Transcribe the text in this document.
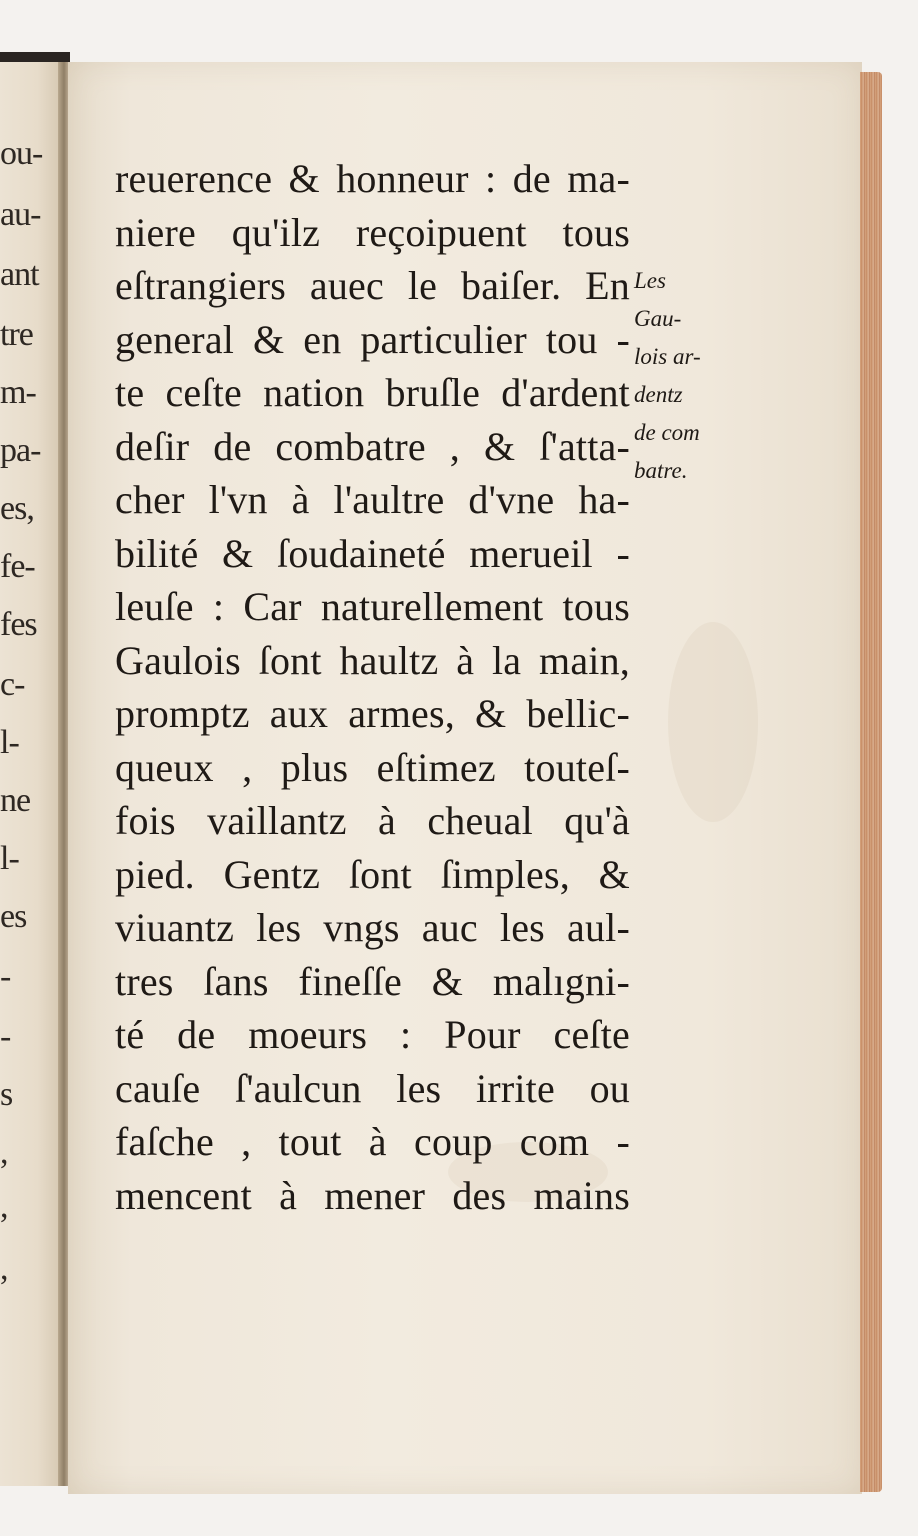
ou-
au-
ant
tre
m-
pa-
es,
fe-
fes
c-
l-
ne
l-
es
-
-
s
,
,
,
reuerence & honneur : de ma-
niere qu'ilz reçoipuent tous
eſtrangiers auec le baiſer. En
general & en particulier tou -
te ceſte nation bruſle d'ardent
deſir de combatre , & ſ'atta-
cher l'vn à l'aultre d'vne ha-
bilité & ſoudaineté merueil -
leuſe : Car naturellement tous
Gaulois ſont haultz à la main,
promptz aux armes, & bellic-
queux , plus eſtimez toutеſ-
fois vaillantz à cheual qu'à
pied. Gentz ſont ſimples, &
viuantz les vngs auc les aul-
tres ſans fineſſe & malıgni-
té de moeurs : Pour ceſte
cauſe ſ'aulcun les irrite ou
faſche , tout à coup com -
mencent à mener des mains
Les
Gau-
lois ar-
dentz
de com
batre.
